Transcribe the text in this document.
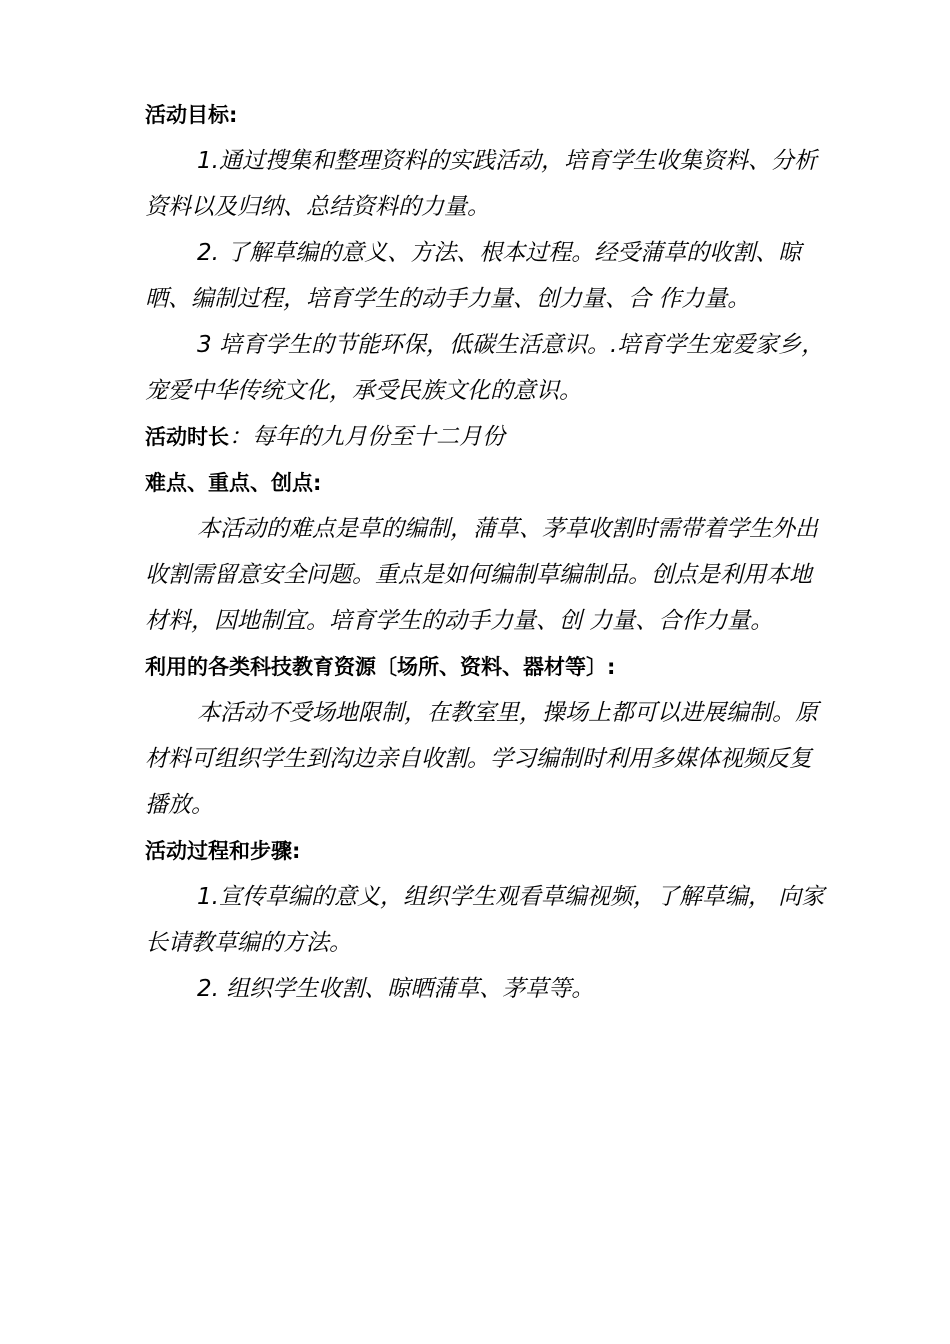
活动目标:

1.通过搜集和整理资料的实践活动，培育学生收集资料、分析资料以及归纳、总结资料的力量。

2. 了解草编的意义、方法、根本过程。经受蒲草的收割、晾晒、编制过程，培育学生的动手力量、创力量、合 作力量。

3 培育学生的节能环保，低碳生活意识。.培育学生宠爱家乡，宠爱中华传统文化，承受民族文化的意识。

活动时长：每年的九月份至十二月份

难点、重点、创点:

本活动的难点是草的编制，蒲草、茅草收割时需带着学生外出收割需留意安全问题。重点是如何编制草编制品。创点是利用本地材料，因地制宜。培育学生的动手力量、创 力量、合作力量。

利用的各类科技教育资源〔场所、资料、器材等〕:

本活动不受场地限制，在教室里，操场上都可以进展编制。原材料可组织学生到沟边亲自收割。学习编制时利用多媒体视频反复播放。

活动过程和步骤:

1.宣传草编的意义，组织学生观看草编视频，了解草编， 向家长请教草编的方法。

2. 组织学生收割、晾晒蒲草、茅草等。
